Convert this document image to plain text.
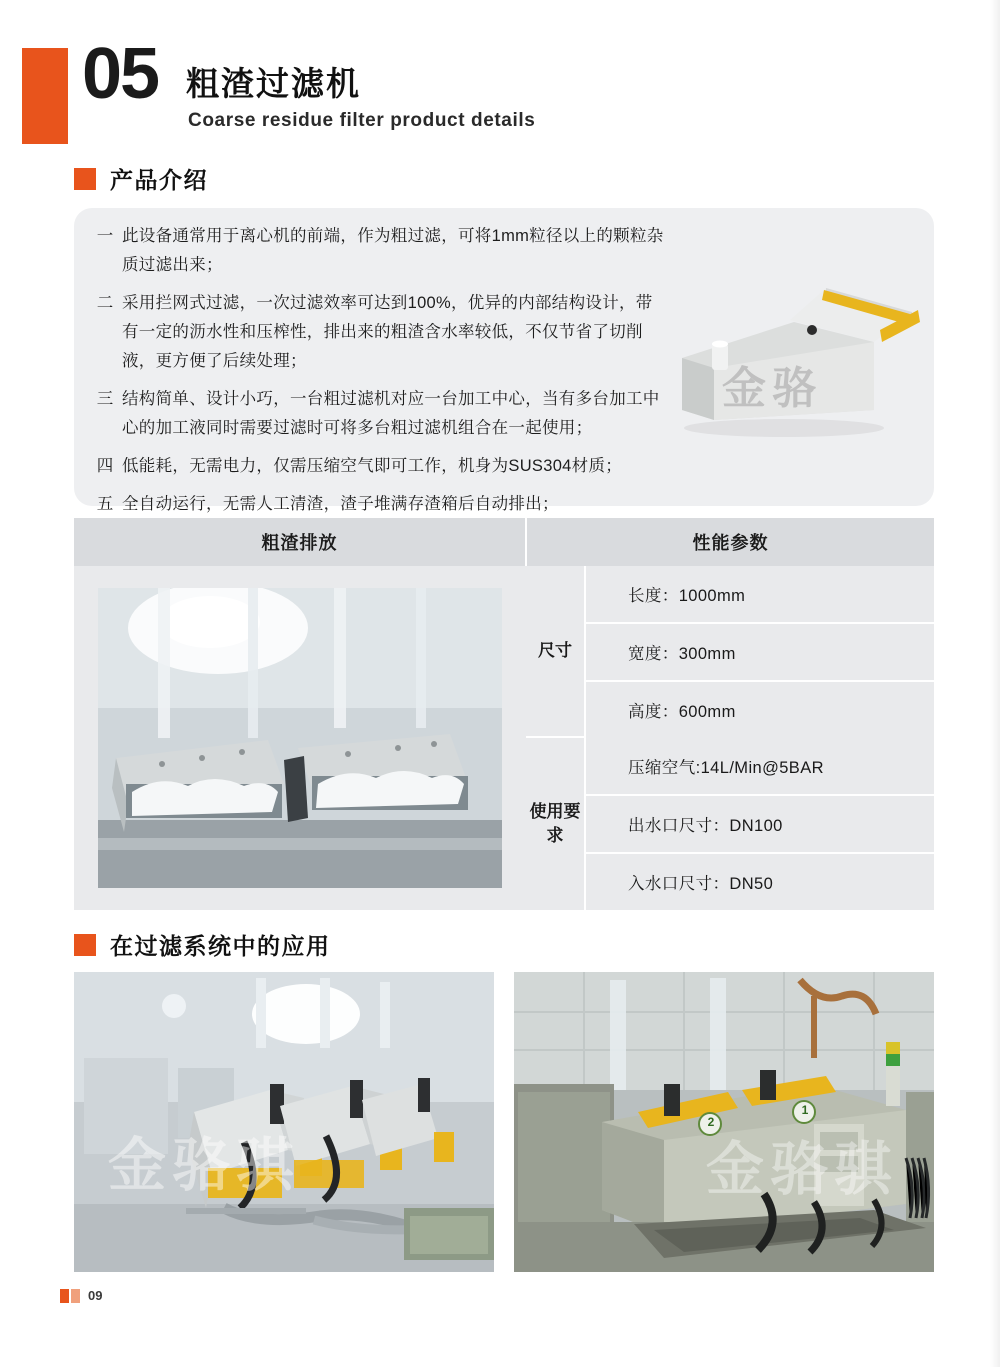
05 粗渣过滤机
Coarse residue filter product details
产品介绍
一 此设备通常用于离心机的前端，作为粗过滤，可将1mm粒径以上的颗粒杂质过滤出来；
二 采用拦网式过滤，一次过滤效率可达到100%，优异的内部结构设计，带有一定的沥水性和压榨性，排出来的粗渣含水率较低，不仅节省了切削液，更方便了后续处理；
三 结构简单、设计小巧，一台粗过滤机对应一台加工中心，当有多台加工中心的加工液同时需要过滤时可将多台粗过滤机组合在一起使用；
四 低能耗，无需电力，仅需压缩空气即可工作，机身为SUS304材质；
五 全自动运行，无需人工清渣，渣子堆满存渣箱后自动排出；
金骆
粗渣排放	性能参数
尺寸
长度：1000mm
宽度：300mm
高度：600mm
使用要求
压缩空气:14L/Min@5BAR
出水口尺寸：DN100
入水口尺寸：DN50
在过滤系统中的应用
金骆骐	金骆骐
2
1
09
